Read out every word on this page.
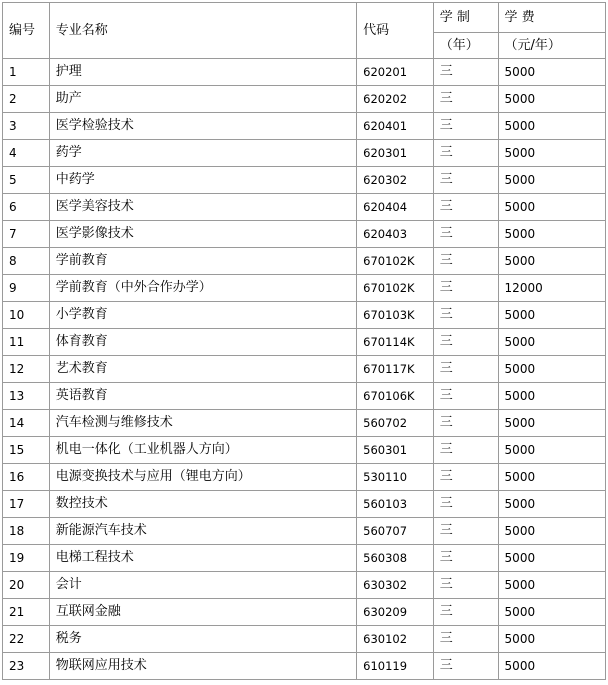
编号	专业名称	代码	学 制	学 费
			（年）	（元/年）
1	护理	620201	三	5000
2	助产	620202	三	5000
3	医学检验技术	620401	三	5000
4	药学	620301	三	5000
5	中药学	620302	三	5000
6	医学美容技术	620404	三	5000
7	医学影像技术	620403	三	5000
8	学前教育	670102K	三	5000
9	学前教育（中外合作办学）	670102K	三	12000
10	小学教育	670103K	三	5000
11	体育教育	670114K	三	5000
12	艺术教育	670117K	三	5000
13	英语教育	670106K	三	5000
14	汽车检测与维修技术	560702	三	5000
15	机电一体化（工业机器人方向）	560301	三	5000
16	电源变换技术与应用（锂电方向）	530110	三	5000
17	数控技术	560103	三	5000
18	新能源汽车技术	560707	三	5000
19	电梯工程技术	560308	三	5000
20	会计	630302	三	5000
21	互联网金融	630209	三	5000
22	税务	630102	三	5000
23	物联网应用技术	610119	三	5000
